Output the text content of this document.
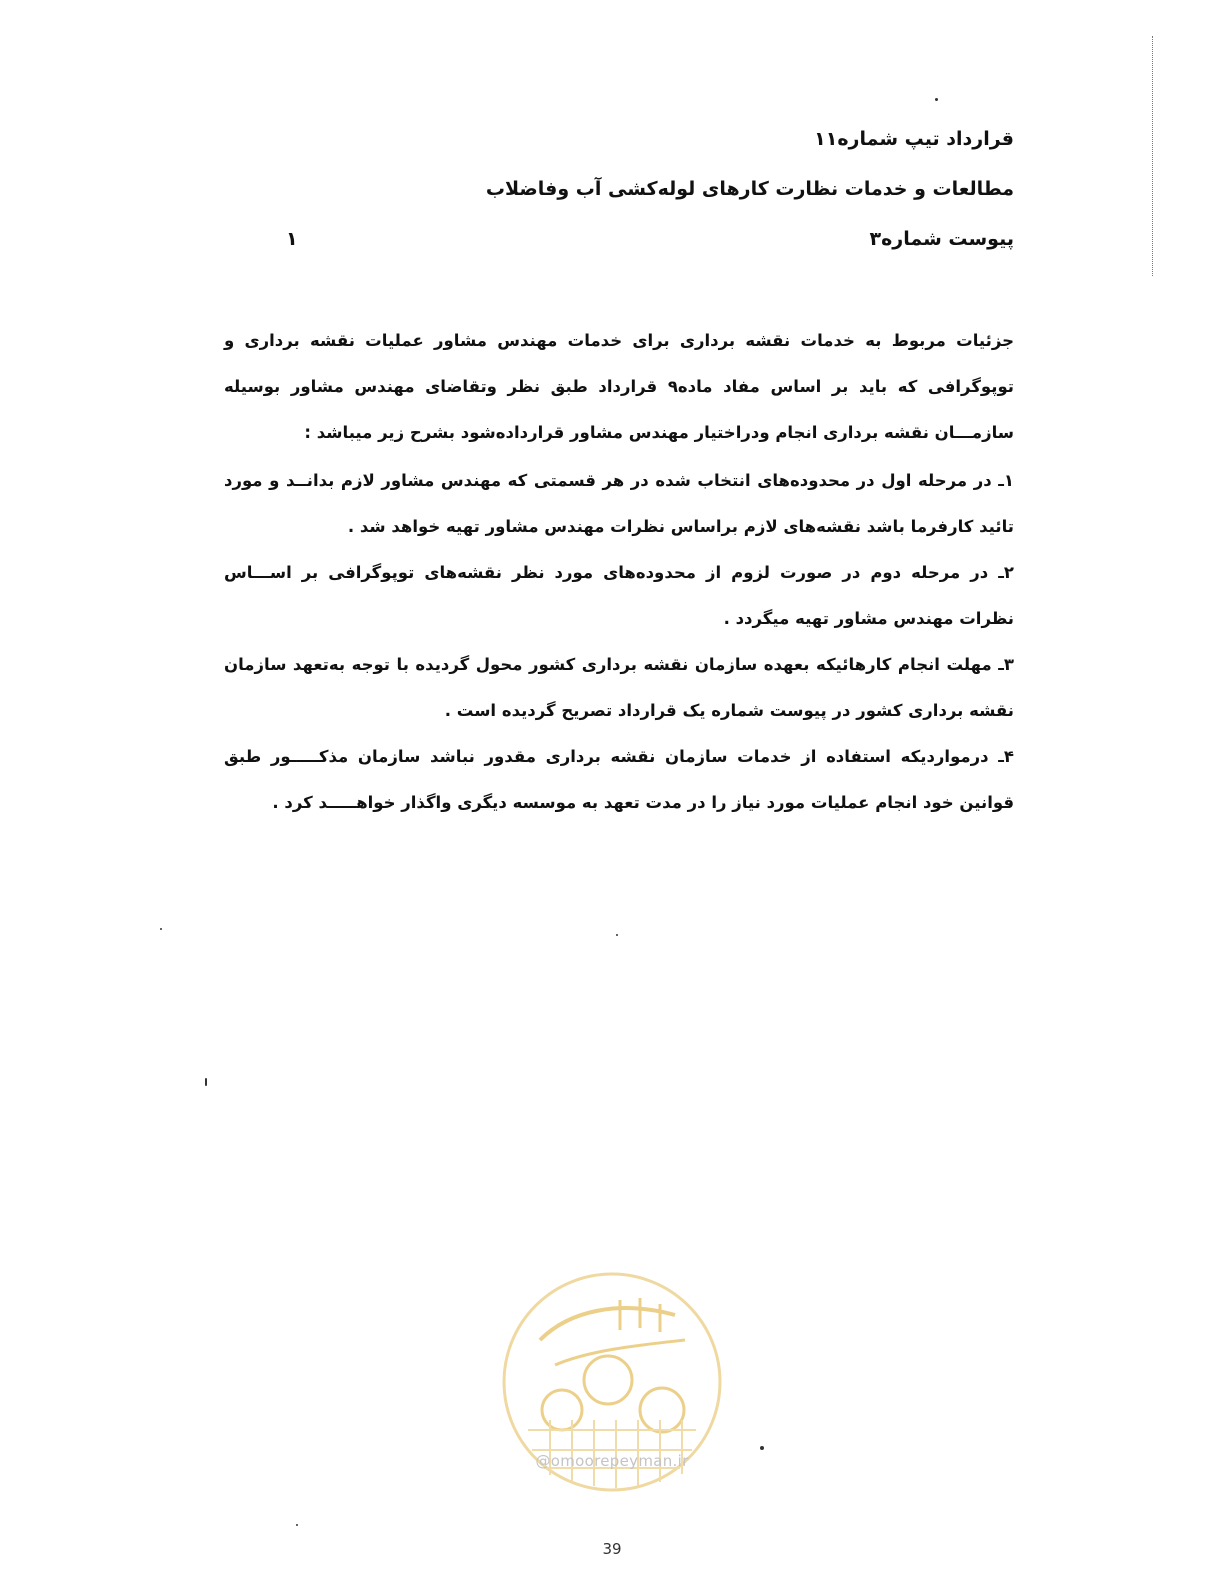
قرارداد تیپ شماره۱۱
مطالعات و خدمات نظارت کارهای لوله‌کشی آب وفاضلاب
پیوست شماره۳
۱
جزئیات مربوط به خدمات نقشه برداری برای خدمات مهندس مشاور عملیات نقشه برداری و توپوگرافی که باید بر اساس مفاد ماده۹ قرارداد طبق نظر وتقاضای مهندس مشاور بوسیله سازمـــان نقشه برداری انجام ودراختیار مهندس مشاور قرارداده‌شود بشرح زیر میباشد :
۱ـ در مرحله اول در محدوده‌های انتخاب شده در هر قسمتی که مهندس مشاور لازم بدانــد و مورد تائید کارفرما باشد نقشه‌های لازم براساس نظرات مهندس مشاور تهیه خواهد شد .
۲ـ در مرحله دوم در صورت لزوم از محدوده‌های مورد نظر نقشه‌های توپوگرافی بر اســـاس نظرات مهندس مشاور تهیه میگردد .
۳ـ مهلت انجام کارهائیکه بعهده سازمان نقشه برداری کشور محول گردیده با توجه به‌تعهد سازمان نقشه برداری کشور در پیوست شماره یک قرارداد تصریح گردیده است .
۴ـ درمواردیکه استفاده از خدمات سازمان نقشه برداری مقدور نباشد سازمان مذکـــــور طبق قوانین خود انجام عملیات مورد نیاز را در مدت تعهد به موسسه دیگری واگذار خواهـــــد کرد .
@omoorepeyman.ir
39
